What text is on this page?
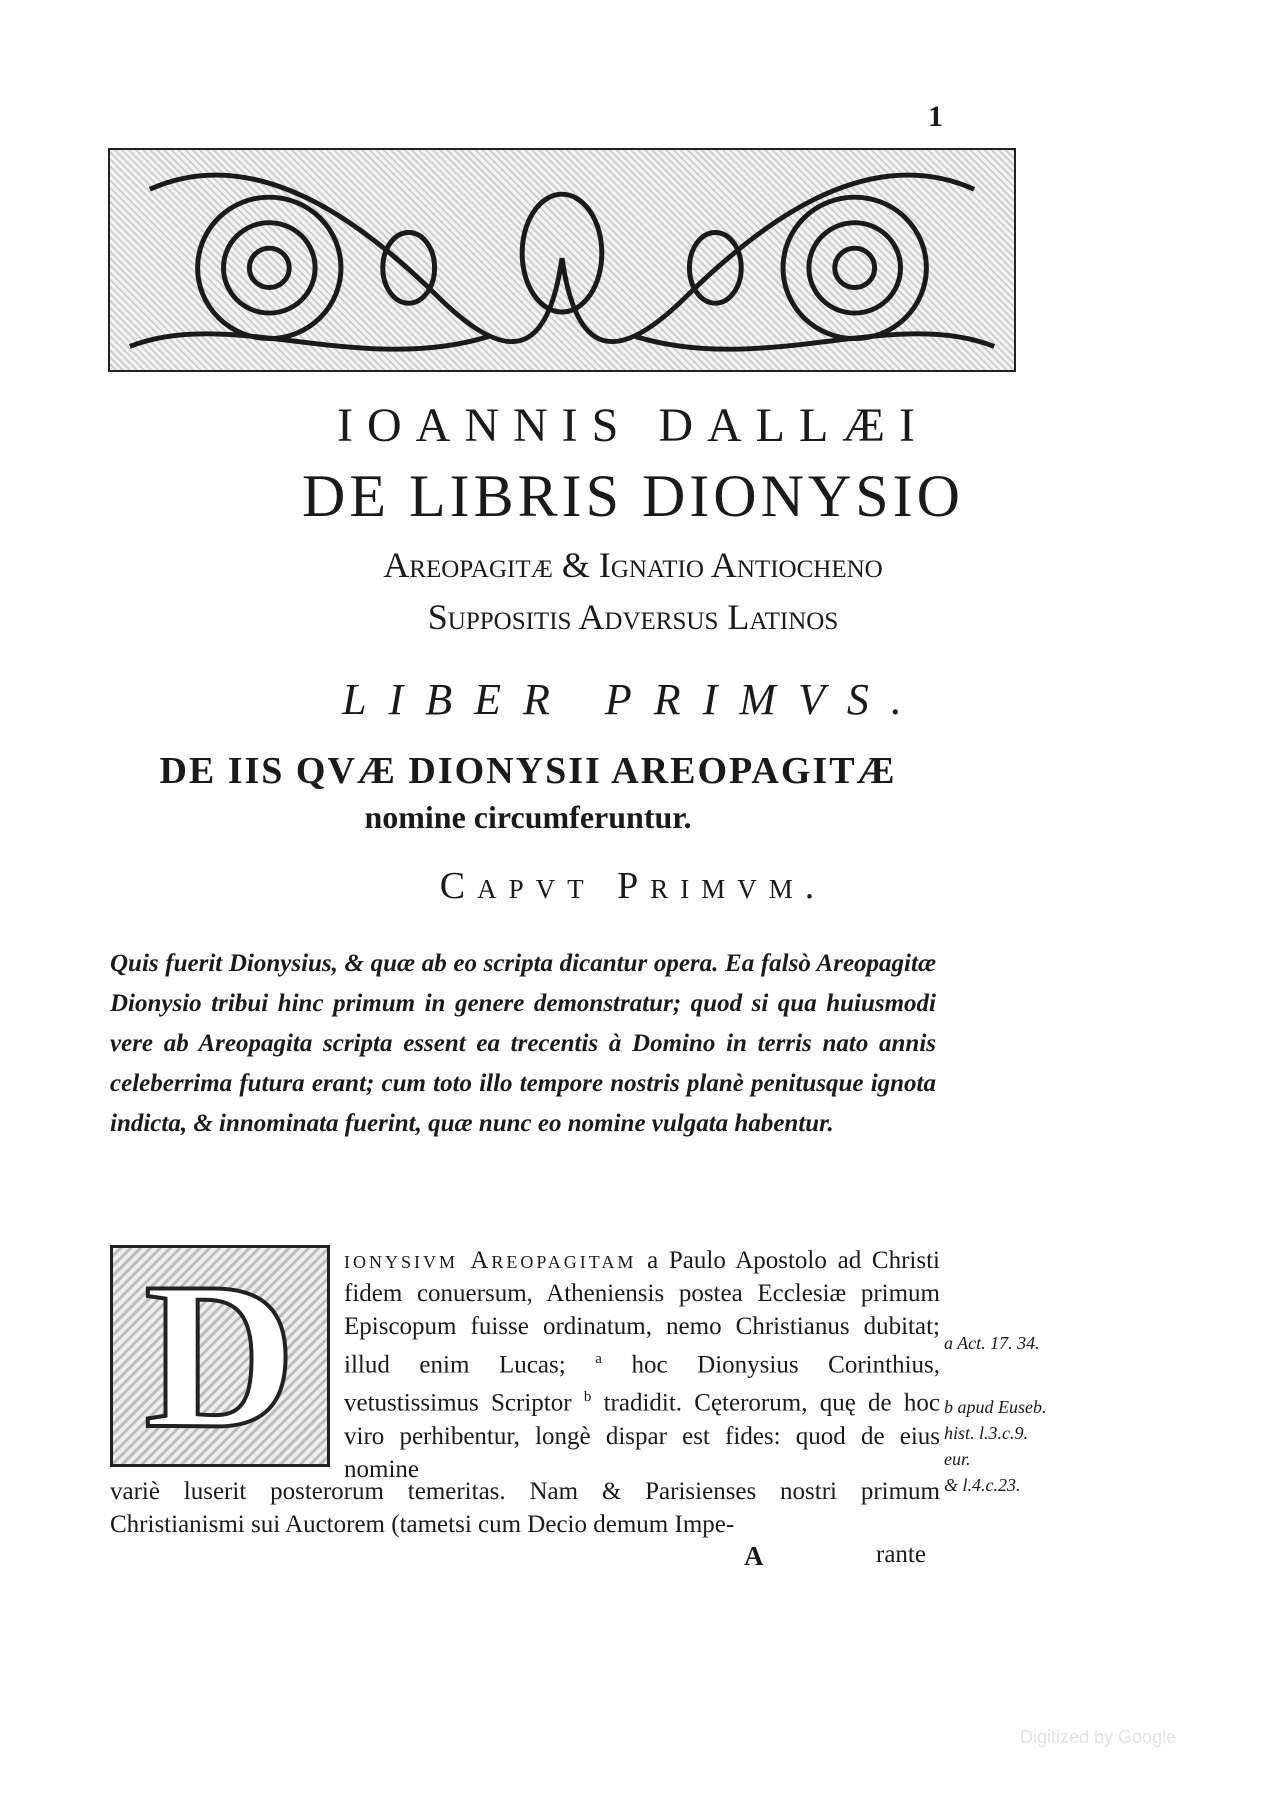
1
IOANNIS DALLÆI
DE LIBRIS DIONYSIO
Areopagitæ & Ignatio Antiocheno
Suppositis Adversus Latinos
LIBER PRIMVS.
DE IIS QVÆ DIONYSII AREOPAGITÆ
nomine circumferuntur.
Capvt Primvm.
Quis fuerit Dionysius, & quæ ab eo scripta dicantur opera. Ea falsò Areopagitæ Dionysio tribui hinc primum in genere demonstratur; quod si qua huiusmodi vere ab Areopagita scripta essent ea trecentis à Domino in terris nato annis celeberrima futura erant; cum toto illo tempore nostris planè penitusque ignota indicta, & innominata fuerint, quæ nunc eo nomine vulgata habentur.
D ionysivm Areopagitam a Paulo Apostolo ad Christi fidem conuersum, Atheniensis postea Ecclesiæ primum Episcopum fuisse ordinatum, nemo Christianus dubitat; illud enim Lucas; $^a$ hoc Dionysius Corinthius, vetustissimus Scriptor $^b$ tradidit. Cęterorum, quę de hoc viro perhibentur, longè dispar est fides: quod de eius nomine

variè luserit posterorum temeritas. Nam & Parisienses nostri primum Christianismi sui Auctorem (tametsi cum Decio demum Impe-
A	rante

a Act. 17. 34.

b apud Euseb.

hist. l.3.c.9.

eur.

& l.4.c.23.

Digitized by Google
